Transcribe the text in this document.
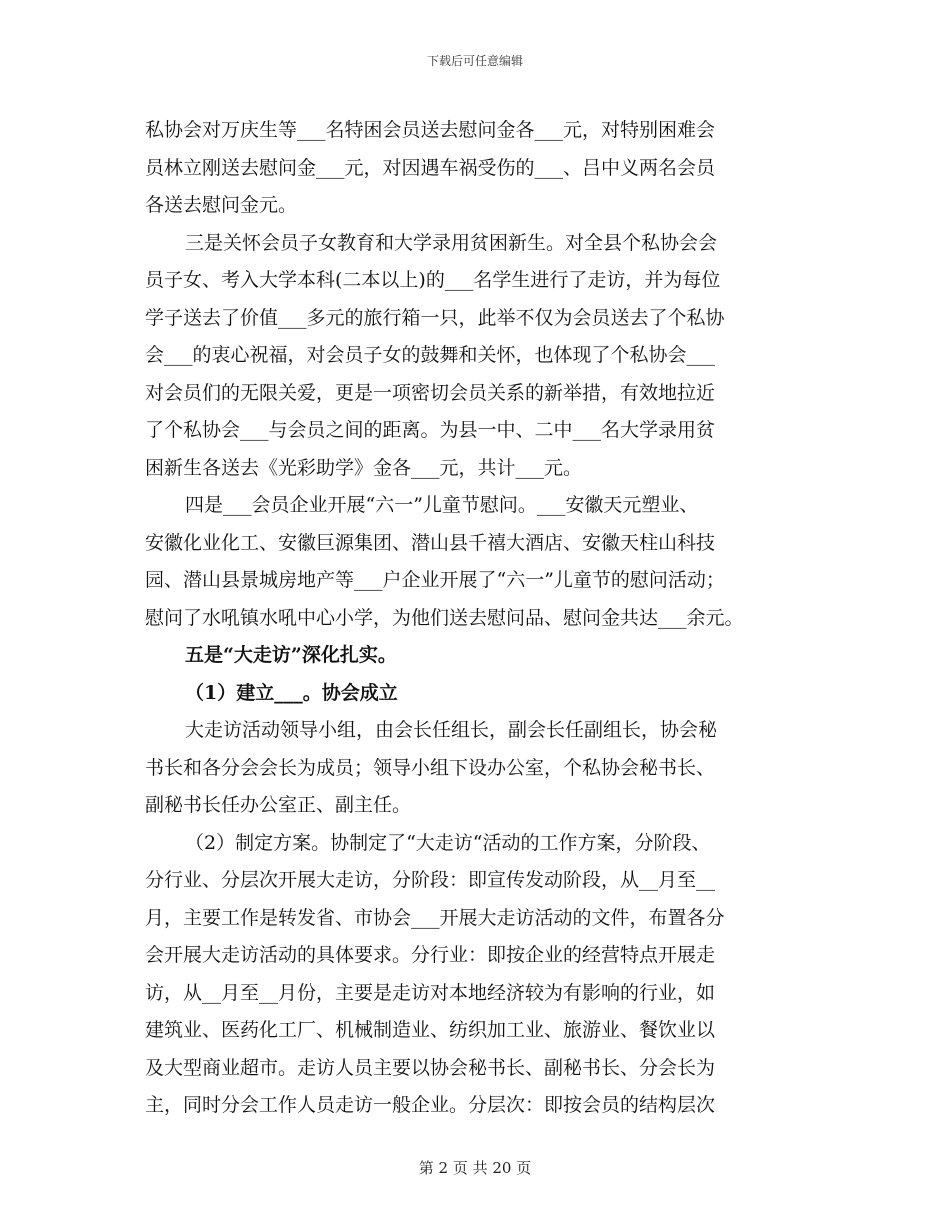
下载后可任意编辑
私协会对万庆生等___名特困会员送去慰问金各___元，对特别困难会
员林立刚送去慰问金___元，对因遇车祸受伤的___、吕中义两名会员
各送去慰问金元。
三是关怀会员子女教育和大学录用贫困新生。对全县个私协会会
员子女、考入大学本科(二本以上)的___名学生进行了走访，并为每位
学子送去了价值___多元的旅行箱一只，此举不仅为会员送去了个私协
会___的衷心祝福，对会员子女的鼓舞和关怀，也体现了个私协会___
对会员们的无限关爱，更是一项密切会员关系的新举措，有效地拉近
了个私协会___与会员之间的距离。为县一中、二中___名大学录用贫
困新生各送去《光彩助学》金各___元，共计___元。
四是___会员企业开展“六一”儿童节慰问。___安徽天元塑业、
安徽化业化工、安徽巨源集团、潜山县千禧大酒店、安徽天柱山科技
园、潜山县景城房地产等___户企业开展了“六一”儿童节的慰问活动；
慰问了水吼镇水吼中心小学，为他们送去慰问品、慰问金共达___余元。
五是“大走访”深化扎实。
（1）建立___。协会成立
大走访活动领导小组，由会长任组长，副会长任副组长，协会秘
书长和各分会会长为成员；领导小组下设办公室，个私协会秘书长、
副秘书长任办公室正、副主任。
（2）制定方案。协制定了“大走访“活动的工作方案，分阶段、
分行业、分层次开展大走访，分阶段：即宣传发动阶段，从__月至__
月，主要工作是转发省、市协会___开展大走访活动的文件，布置各分
会开展大走访活动的具体要求。分行业：即按企业的经营特点开展走
访，从__月至__月份，主要是走访对本地经济较为有影响的行业，如
建筑业、医药化工厂、机械制造业、纺织加工业、旅游业、餐饮业以
及大型商业超市。走访人员主要以协会秘书长、副秘书长、分会长为
主，同时分会工作人员走访一般企业。分层次：即按会员的结构层次
第 2 页 共 20 页
